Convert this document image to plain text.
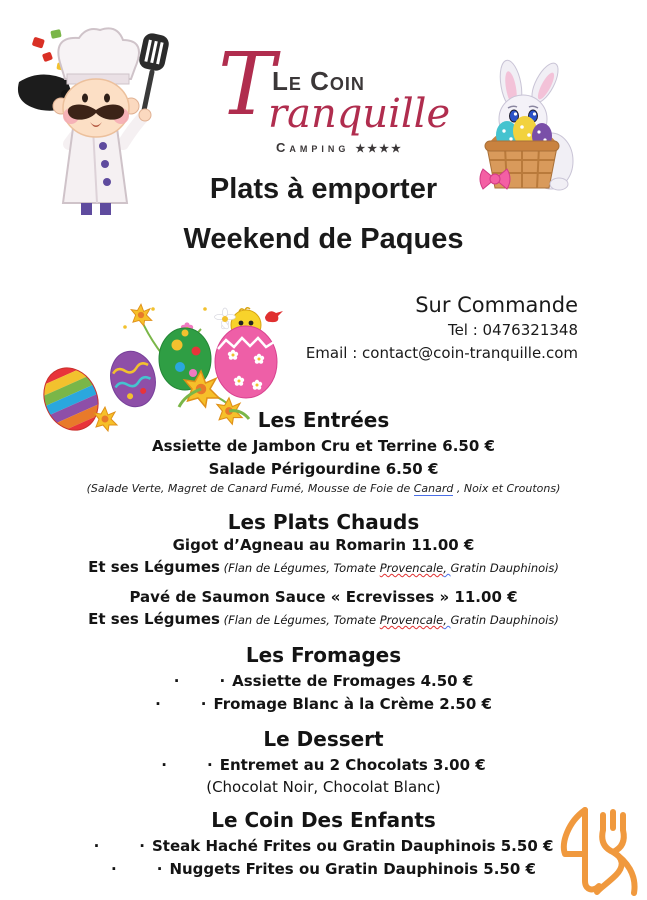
T
Le Coin
ranquille
Camping ★★★★
Plats à emporter
Weekend de Paques
Sur Commande
Tel : 0476321348
Email : contact@coin-tranquille.com
Les Entrées
Assiette de Jambon Cru et Terrine 6.50 €
Salade Périgourdine 6.50 €
(Salade Verte, Magret de Canard Fumé, Mousse de Foie de Canard , Noix et Croutons)
Les Plats Chauds
Gigot d’Agneau au Romarin 11.00 €
Et ses Légumes (Flan de Légumes, Tomate Provencale, Gratin Dauphinois)
Pavé de Saumon Sauce « Ecrevisses » 11.00 €
Et ses Légumes (Flan de Légumes, Tomate Provencale, Gratin Dauphinois)
Les Fromages
·	· Assiette de Fromages 4.50 €
·	· Fromage Blanc à la Crème 2.50 €
Le Dessert
·	· Entremet au 2 Chocolats 3.00 €
(Chocolat Noir, Chocolat Blanc)
Le Coin Des Enfants
·	· Steak Haché Frites ou Gratin Dauphinois 5.50 €
·	· Nuggets Frites ou Gratin Dauphinois 5.50 €
